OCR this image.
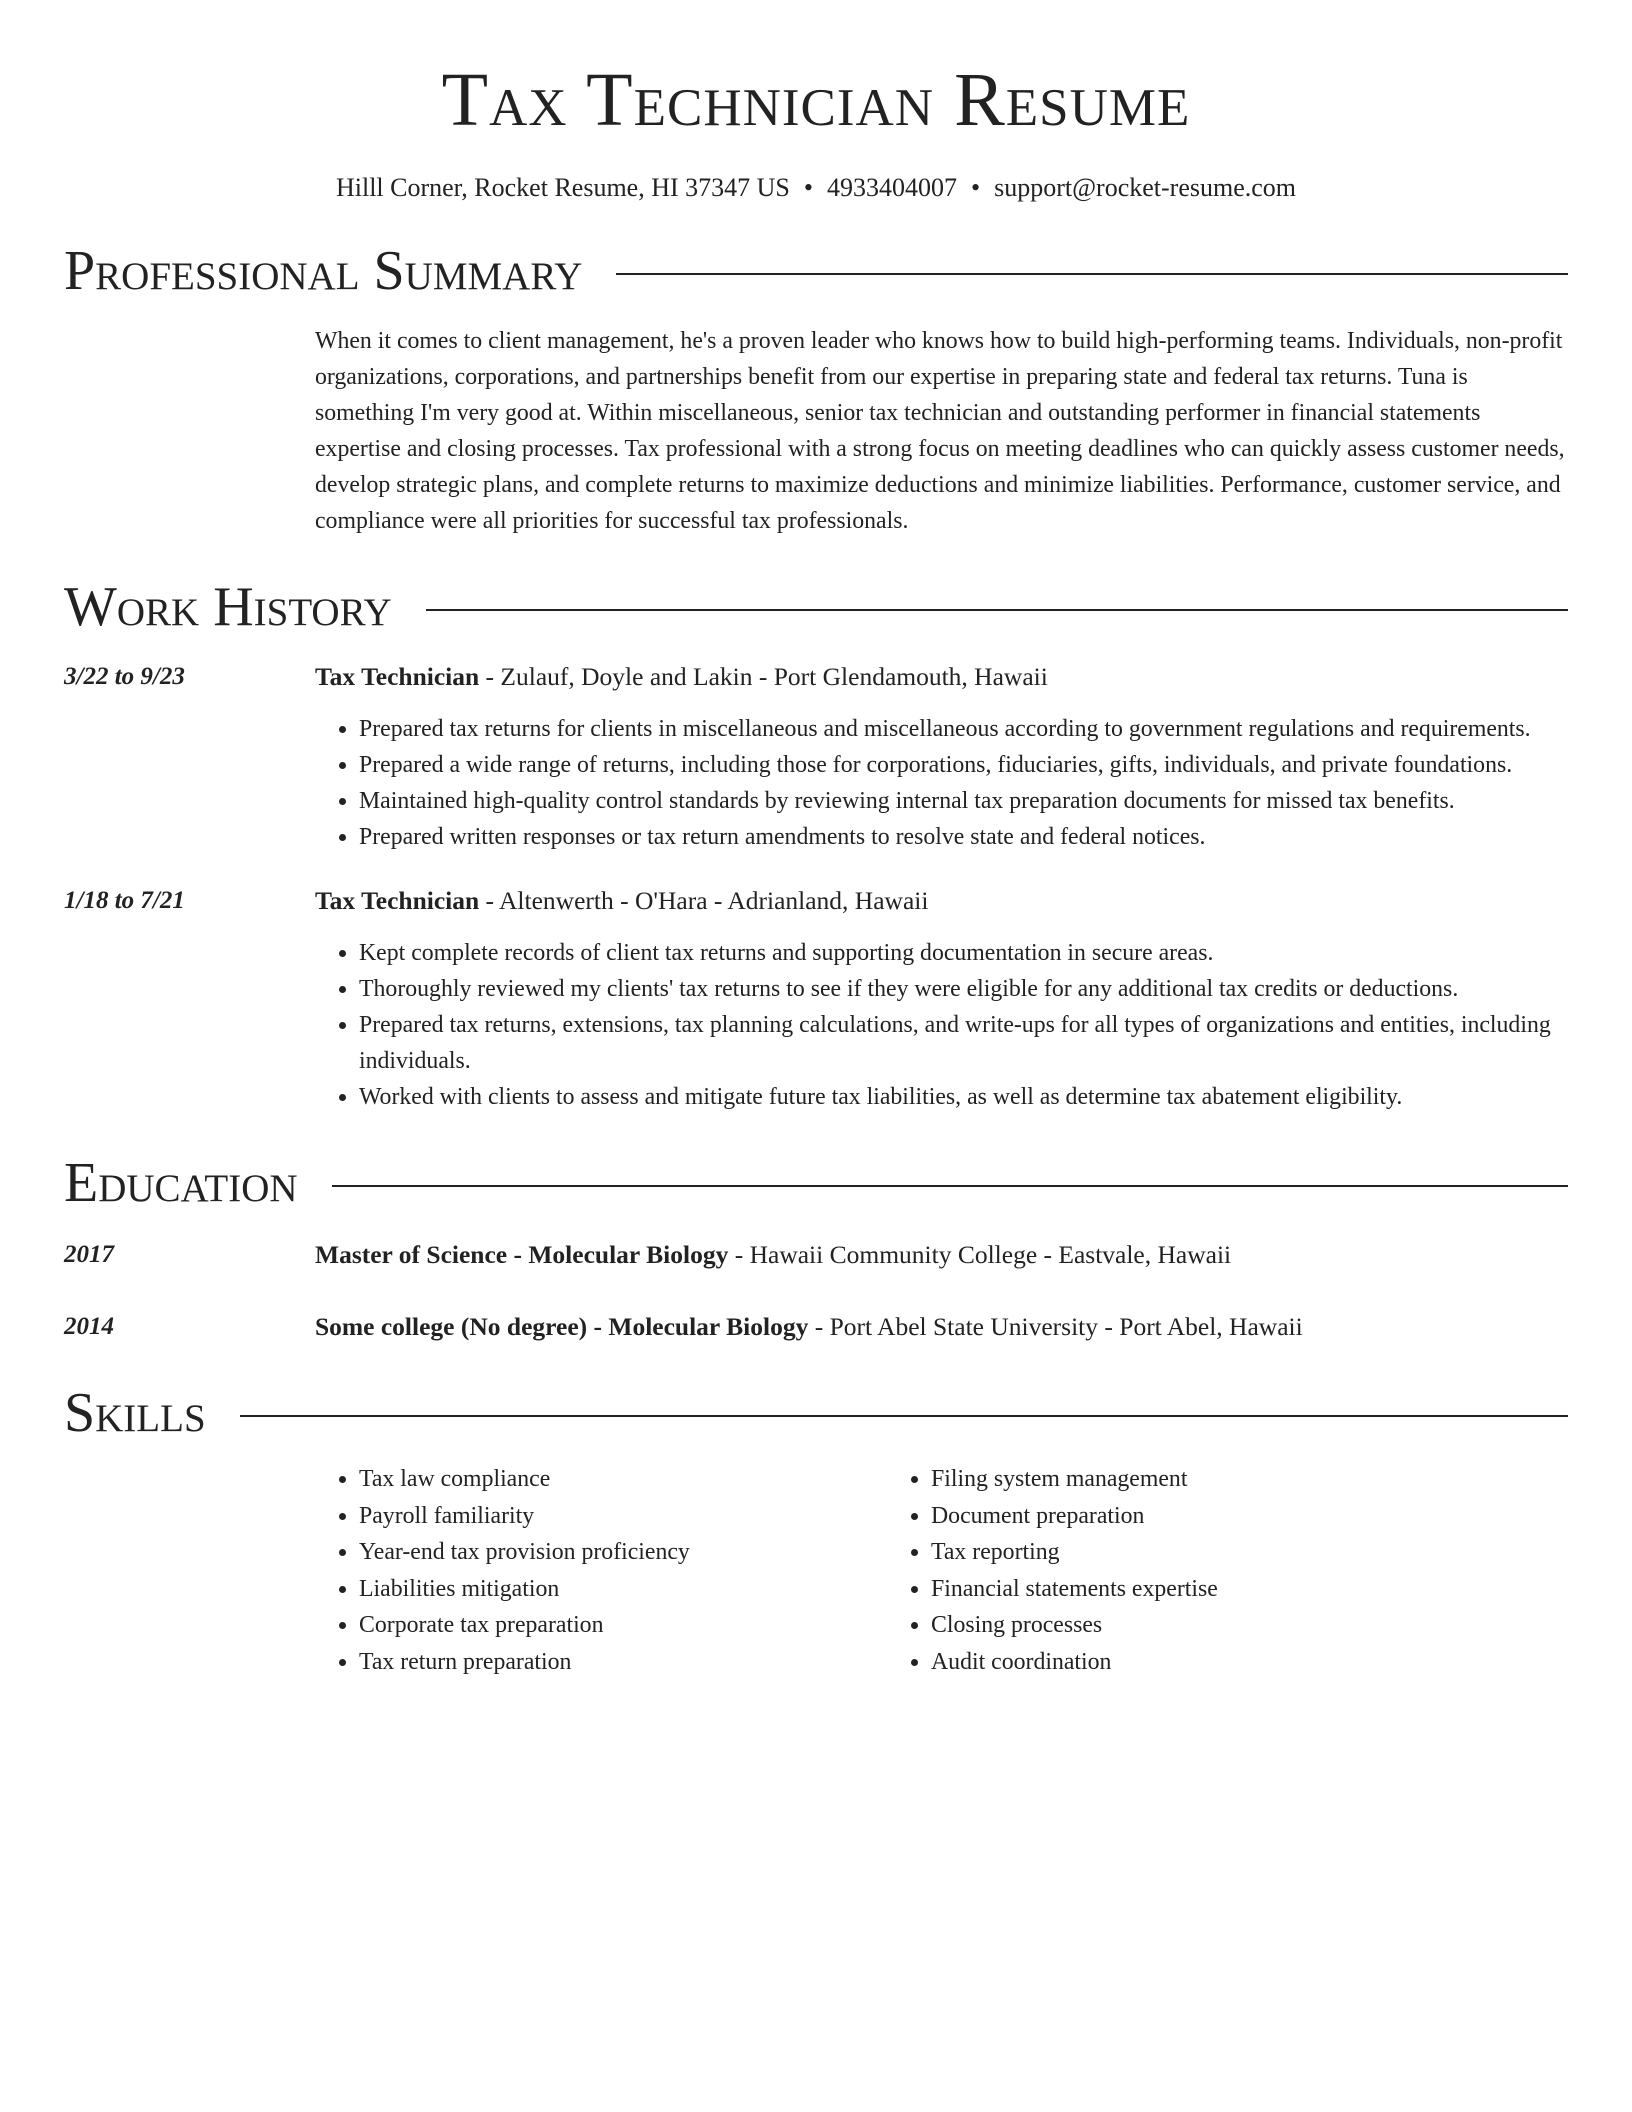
Tax Technician Resume
Hilll Corner, Rocket Resume, HI 37347 US • 4933404007 • support@rocket-resume.com
Professional Summary
When it comes to client management, he's a proven leader who knows how to build high-performing teams. Individuals, non-profit organizations, corporations, and partnerships benefit from our expertise in preparing state and federal tax returns. Tuna is something I'm very good at. Within miscellaneous, senior tax technician and outstanding performer in financial statements expertise and closing processes. Tax professional with a strong focus on meeting deadlines who can quickly assess customer needs, develop strategic plans, and complete returns to maximize deductions and minimize liabilities. Performance, customer service, and compliance were all priorities for successful tax professionals.
Work History
3/22 to 9/23	Tax Technician - Zulauf, Doyle and Lakin - Port Glendamouth, Hawaii
• Prepared tax returns for clients in miscellaneous and miscellaneous according to government regulations and requirements.
• Prepared a wide range of returns, including those for corporations, fiduciaries, gifts, individuals, and private foundations.
• Maintained high-quality control standards by reviewing internal tax preparation documents for missed tax benefits.
• Prepared written responses or tax return amendments to resolve state and federal notices.
1/18 to 7/21	Tax Technician - Altenwerth - O'Hara - Adrianland, Hawaii
• Kept complete records of client tax returns and supporting documentation in secure areas.
• Thoroughly reviewed my clients' tax returns to see if they were eligible for any additional tax credits or deductions.
• Prepared tax returns, extensions, tax planning calculations, and write-ups for all types of organizations and entities, including individuals.
• Worked with clients to assess and mitigate future tax liabilities, as well as determine tax abatement eligibility.
Education
2017	Master of Science - Molecular Biology - Hawaii Community College - Eastvale, Hawaii
2014	Some college (No degree) - Molecular Biology - Port Abel State University - Port Abel, Hawaii
Skills
• Tax law compliance
• Payroll familiarity
• Year-end tax provision proficiency
• Liabilities mitigation
• Corporate tax preparation
• Tax return preparation
• Filing system management
• Document preparation
• Tax reporting
• Financial statements expertise
• Closing processes
• Audit coordination
